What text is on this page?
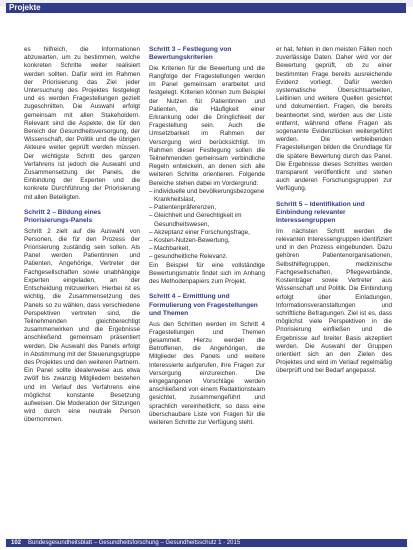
Projekte

es hilfreich, die Informationen abzuwarten, um zu bestimmen, welche konkreten Schritte weiter realisiert werden sollten. Dafür wird im Rahmen der Priorisierung das Ziel jeder Untersuchung des Projektes festgelegt und es werden Fragestellungen gezielt zugeschnitten. Die Auswahl erfolgt gemeinsam mit allen Stakeholdern. Relevant sind die Aspekte, die für den Bereich der Gesundheitsversorgung, der Wissenschaft, der Politik und die übrigen Akteure weiter geprüft werden müssen. Der wichtigste Schritt des ganzen Verfahrens ist jedoch die Auswahl und Zusammensetzung der Panels, die Einbindung der Experten und die konkrete Durchführung der Priorisierung mit allen Beteiligten.

Schritt 2 – Bildung eines Priorisierungs-Panels

Schritt 2 zielt auf die Auswahl von Personen, die für den Prozess der Priorisierung zuständig sein sollen. Als Panel werden Patientinnen und Patienten, Angehörige, Vertreter der Fachgesellschaften sowie unabhängige Experten eingeladen, an der Entscheidung mitzuwirken. Hierbei ist es wichtig, die Zusammensetzung des Panels so zu wählen, dass verschiedene Perspektiven vertreten sind, die Teilnehmenden gleichberechtigt zusammenwirken und die Ergebnisse anschließend gemeinsam präsentiert werden. Die Auswahl des Panels erfolgt in Abstimmung mit der Steuerungsgruppe des Projektes und den weiteren Partnern. Ein Panel sollte idealerweise aus etwa zwölf bis zwanzig Mitgliedern bestehen und im Verlauf des Verfahrens eine möglichst konstante Besetzung aufweisen. Die Moderation der Sitzungen wird durch eine neutrale Person übernommen.

Schritt 3 – Festlegung von Bewertungskriterien

Die Kriterien für die Bewertung und die Rangfolge der Fragestellungen werden im Panel gemeinsam erarbeitet und festgelegt. Kriterien können zum Beispiel der Nutzen für Patientinnen und Patienten, die Häufigkeit einer Erkrankung oder die Dringlichkeit der Fragestellung sein. Auch die Umsetzbarkeit im Rahmen der Versorgung wird berücksichtigt. Im Rahmen dieser Festlegung sollen die Teilnehmenden gemeinsam verbindliche Regeln entwickeln, an denen sich alle weiteren Schritte orientieren. Folgende Bereiche stehen dabei im Vordergrund:

– individuelle und bevölkerungsbezogene Krankheitslast,
– Patientenpräferenzen,
– Gleichheit und Gerechtigkeit im Gesundheitswesen,
– Akzeptanz einer Forschungsfrage,
– Kosten-Nutzen-Bewertung,
– Machbarkeit,
– gesundheitliche Relevanz.

Ein Beispiel für eine vollständige Bewertungsmatrix findet sich im Anhang des Methodenpapiers zum Projekt.

Schritt 4 – Ermittlung und Formulierung von Fragestellungen und Themen

Aus den Schritten werden im Schritt 4 Fragestellungen und Themen gesammelt. Hierzu werden die Betroffenen, die Angehörigen, die Mitglieder des Panels und weitere Interessierte aufgerufen, ihre Fragen zur Versorgung einzureichen. Die eingegangenen Vorschläge werden anschließend von einem Redaktionsteam gesichtet, zusammengeführt und sprachlich vereinheitlicht, so dass eine überschaubare Liste von Fragen für die weiteren Schritte zur Verfügung steht.

er hat, fehlen in den meisten Fällen noch zuverlässige Daten. Daher wird vor der Bewertung geprüft, ob zu einer bestimmten Frage bereits ausreichende Evidenz vorliegt. Dafür werden systematische Übersichtsarbeiten, Leitlinien und weitere Quellen gesichtet und dokumentiert. Fragen, die bereits beantwortet sind, werden aus der Liste entfernt, während offene Fragen als sogenannte Evidenzlücken weitergeführt werden. Die verbleibenden Fragestellungen bilden die Grundlage für die spätere Bewertung durch das Panel. Die Ergebnisse dieses Schrittes werden transparent veröffentlicht und stehen auch anderen Forschungsgruppen zur Verfügung.

Schritt 5 – Identifikation und Einbindung relevanter Interessengruppen

Im nächsten Schritt werden die relevanten Interessengruppen identifiziert und in den Prozess eingebunden. Dazu gehören Patientenorganisationen, Selbsthilfegruppen, medizinische Fachgesellschaften, Pflegeverbände, Kostenträger sowie Vertreter aus Wissenschaft und Politik. Die Einbindung erfolgt über Einladungen, Informationsveranstaltungen und schriftliche Befragungen. Ziel ist es, dass möglichst viele Perspektiven in die Priorisierung einfließen und die Ergebnisse auf breiter Basis akzeptiert werden. Die Auswahl der Gruppen orientiert sich an den Zielen des Projektes und wird im Verlauf regelmäßig überprüft und bei Bedarf angepasst.

102	Bundesgesundheitsblatt – Gesundheitsforschung – Gesundheitsschutz 1 · 2015
